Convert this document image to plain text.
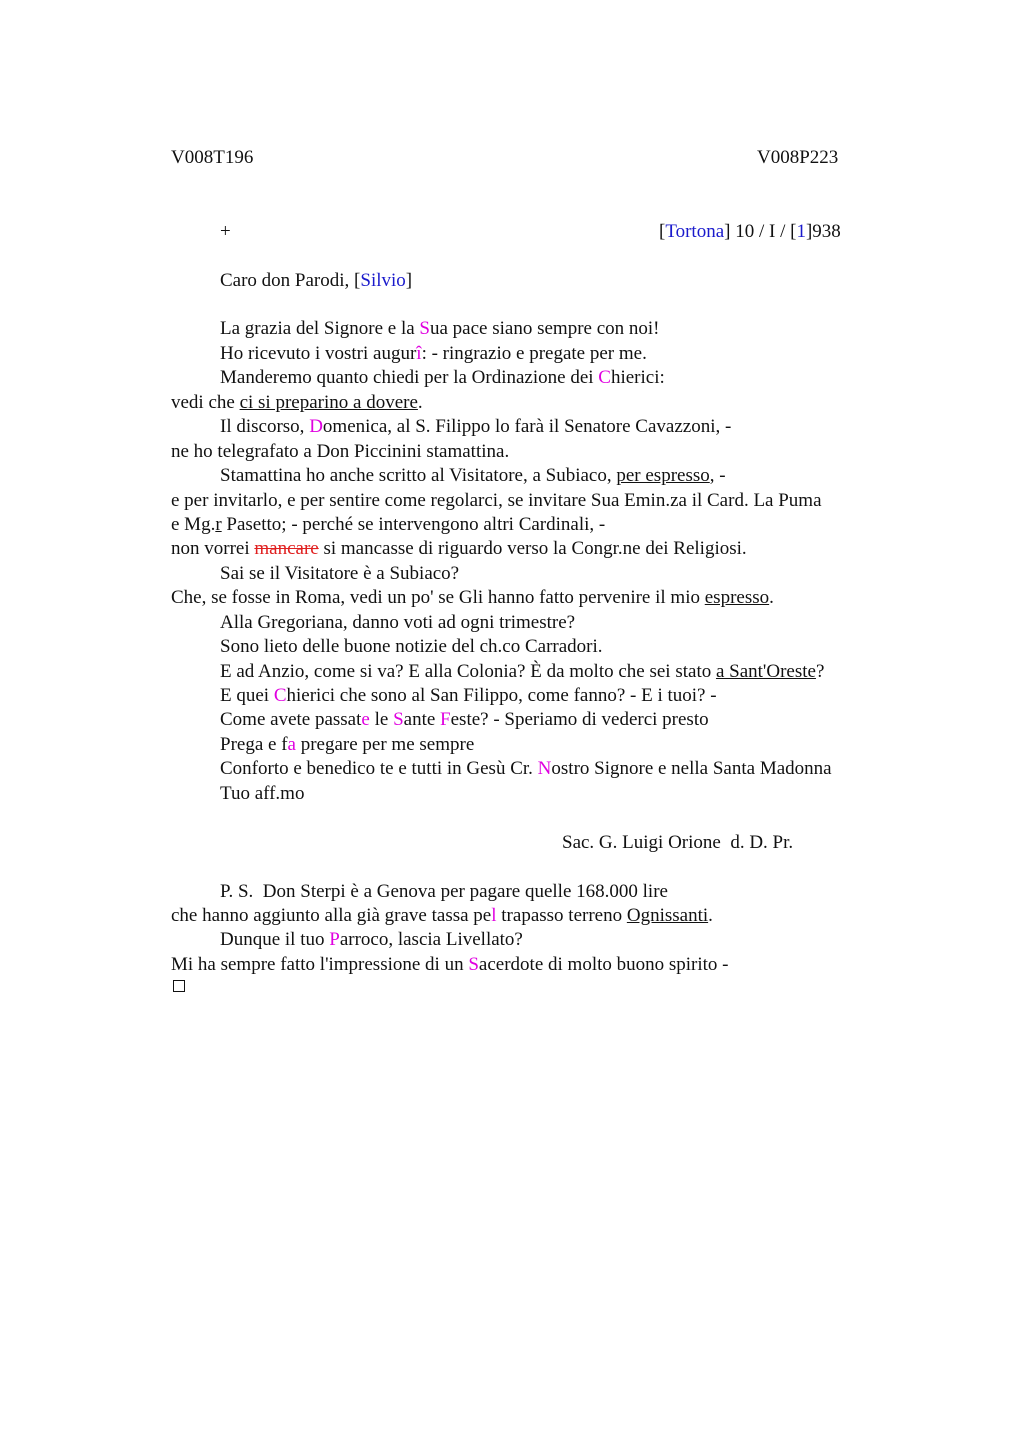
V008T196	V008P223
+	[Tortona] 10 / I / [1]938
Caro don Parodi, [Silvio]
La grazia del Signore e la Sua pace siano sempre con noi!
Ho ricevuto i vostri augurî: - ringrazio e pregate per me.
Manderemo quanto chiedi per la Ordinazione dei Chierici:
vedi che ci si preparino a dovere.
Il discorso, Domenica, al S. Filippo lo farà il Senatore Cavazzoni, -
ne ho telegrafato a Don Piccinini stamattina.
Stamattina ho anche scritto al Visitatore, a Subiaco, per espresso, -
e per invitarlo, e per sentire come regolarci, se invitare Sua Emin.za il Card. La Puma
e Mg.r Pasetto; - perché se intervengono altri Cardinali, -
non vorrei mancare si mancasse di riguardo verso la Congr.ne dei Religiosi.
Sai se il Visitatore è a Subiaco?
Che, se fosse in Roma, vedi un po' se Gli hanno fatto pervenire il mio espresso.
Alla Gregoriana, danno voti ad ogni trimestre?
Sono lieto delle buone notizie del ch.co Carradori.
E ad Anzio, come si va? E alla Colonia? È da molto che sei stato a Sant'Oreste?
E quei Chierici che sono al San Filippo, come fanno? - E i tuoi? -
Come avete passate le Sante Feste? - Speriamo di vederci presto
Prega e fa pregare per me sempre
Conforto e benedico te e tutti in Gesù Cr. Nostro Signore e nella Santa Madonna
Tuo aff.mo
Sac. G. Luigi Orione  d. D. Pr.
P. S.  Don Sterpi è a Genova per pagare quelle 168.000 lire
che hanno aggiunto alla già grave tassa pel trapasso terreno Ognissanti.
Dunque il tuo Parroco, lascia Livellato?
Mi ha sempre fatto l'impressione di un Sacerdote di molto buono spirito -
